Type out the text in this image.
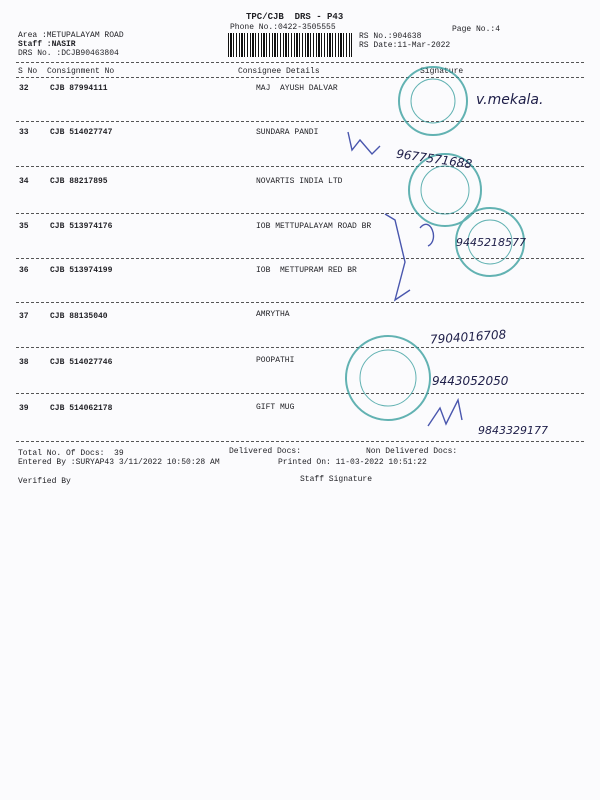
TPC/CJB  DRS - P43
Phone No.:0422-3505555	Page No.:4
Area :METUPALAYAM ROAD
Staff :NASIR
DRS No. :DCJB90463804
RS No.:904638
RS Date:11-Mar-2022
S No Consignment No	Consignee Details	Signature
32	CJB 87994111	MAJ  AYUSH DALVAR
33	CJB 514027747	SUNDARA PANDI
34	CJB 88217895	NOVARTIS INDIA LTD
35	CJB 513974176	IOB METTUPALAYAM ROAD BR
36	CJB 513974199	IOB  METTUPRAM RED BR
37	CJB 88135040	AMRYTHA
38	CJB 514027746	POOPATHI
39	CJB 514062178	GIFT MUG
Total No. Of Docs:  39	Delivered Docs:	Non Delivered Docs:
Entered By :SURYAP43 3/11/2022 10:50:28 AM	Printed On: 11-03-2022 10:51:22
Verified By	Staff Signature
v.mekala.
9677571688
9445218577
7904016708
9443052050
9843329177
